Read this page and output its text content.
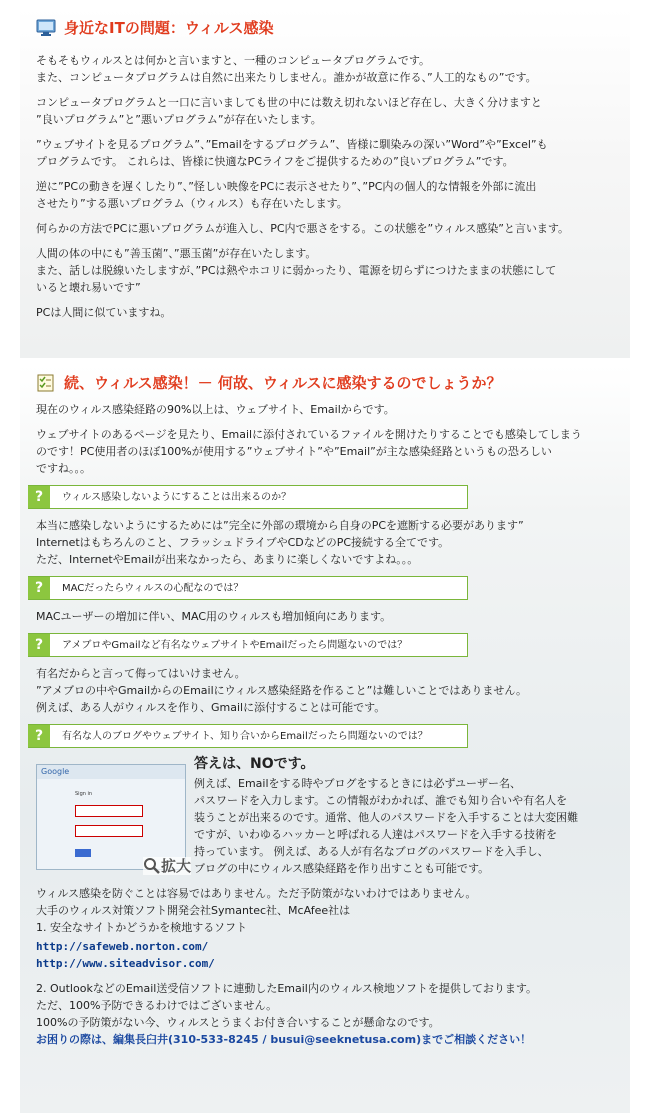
身近なITの問題：ウィルス感染

そもそもウィルスとは何かと言いますと、一種のコンピュータプログラムです。
また、コンピュータプログラムは自然に出来たりしません。誰かが故意に作る、”人工的なもの”です。

コンピュータプログラムと一口に言いましても世の中には数え切れないほど存在し、大きく分けますと
”良いプログラム”と”悪いプログラム”が存在いたします。

”ウェブサイトを見るプログラム”、”Emailをするプログラム”、皆様に馴染みの深い”Word”や”Excel”も
プログラムです。 これらは、皆様に快適なPCライフをご提供するための”良いプログラム”です。

逆に”PCの動きを遅くしたり”、”怪しい映像をPCに表示させたり”、”PC内の個人的な情報を外部に流出
させたり”する悪いプログラム（ウィルス）も存在いたします。

何らかの方法でPCに悪いプログラムが進入し、PC内で悪さをする。この状態を”ウィルス感染”と言います。

人間の体の中にも”善玉菌”、”悪玉菌”が存在いたします。
また、話しは脱線いたしますが、”PCは熱やホコリに弱かったり、電源を切らずにつけたままの状態にして
いると壊れ易いです”

PCは人間に似ていますね。

続、ウィルス感染！－ 何故、ウィルスに感染するのでしょうか？

現在のウィルス感染経路の90%以上は、ウェブサイト、Emailからです。

ウェブサイトのあるページを見たり、Emailに添付されているファイルを開けたりすることでも感染してしまう
のです！PC使用者のほぼ100%が使用する”ウェブサイト”や”Email”が主な感染経路というもの恐ろしい
ですね。。。

?	ウィルス感染しないようにすることは出来るのか？

本当に感染しないようにするためには”完全に外部の環境から自身のPCを遮断する必要があります”
Internetはもちろんのこと、フラッシュドライブやCDなどのPC接続する全てです。
ただ、InternetやEmailが出来なかったら、あまりに楽しくないですよね。。。

?	MACだったらウィルスの心配なのでは？

MACユーザーの増加に伴い、MAC用のウィルスも増加傾向にあります。

?	アメブロやGmailなど有名なウェブサイトやEmailだったら問題ないのでは？

有名だからと言って侮ってはいけません。
”アメブロの中やGmailからのEmailにウィルス感染経路を作ること”は難しいことではありません。
例えば、ある人がウィルスを作り、Gmailに添付することは可能です。

?	有名な人のブログやウェブサイト、知り合いからEmailだったら問題ないのでは？
Google
Sign in
拡大
答えは、NOです。
例えば、Emailをする時やブログをするときには必ずユーザー名、
パスワードを入力します。この情報がわかれば、誰でも知り合いや有名人を
装うことが出来るのです。通常、他人のパスワードを入手することは大変困難
ですが、いわゆるハッカーと呼ばれる人達はパスワードを入手する技術を
持っています。 例えば、ある人が有名なブログのパスワードを入手し、
ブログの中にウィルス感染経路を作り出すことも可能です。

ウィルス感染を防ぐことは容易ではありません。ただ予防策がないわけではありません。
大手のウィルス対策ソフト開発会社Symantec社、McAfee社は
1. 安全なサイトかどうかを検地するソフト

http://safeweb.norton.com/
http://www.siteadvisor.com/

2. OutlookなどのEmail送受信ソフトに連動したEmail内のウィルス検地ソフトを提供しております。
ただ、100%予防できるわけではございません。
100%の予防策がない今、ウィルスとうまくお付き合いすることが懸命なのです。

お困りの際は、編集長臼井(310-533-8245 / busui@seeknetusa.com)までご相談ください！
